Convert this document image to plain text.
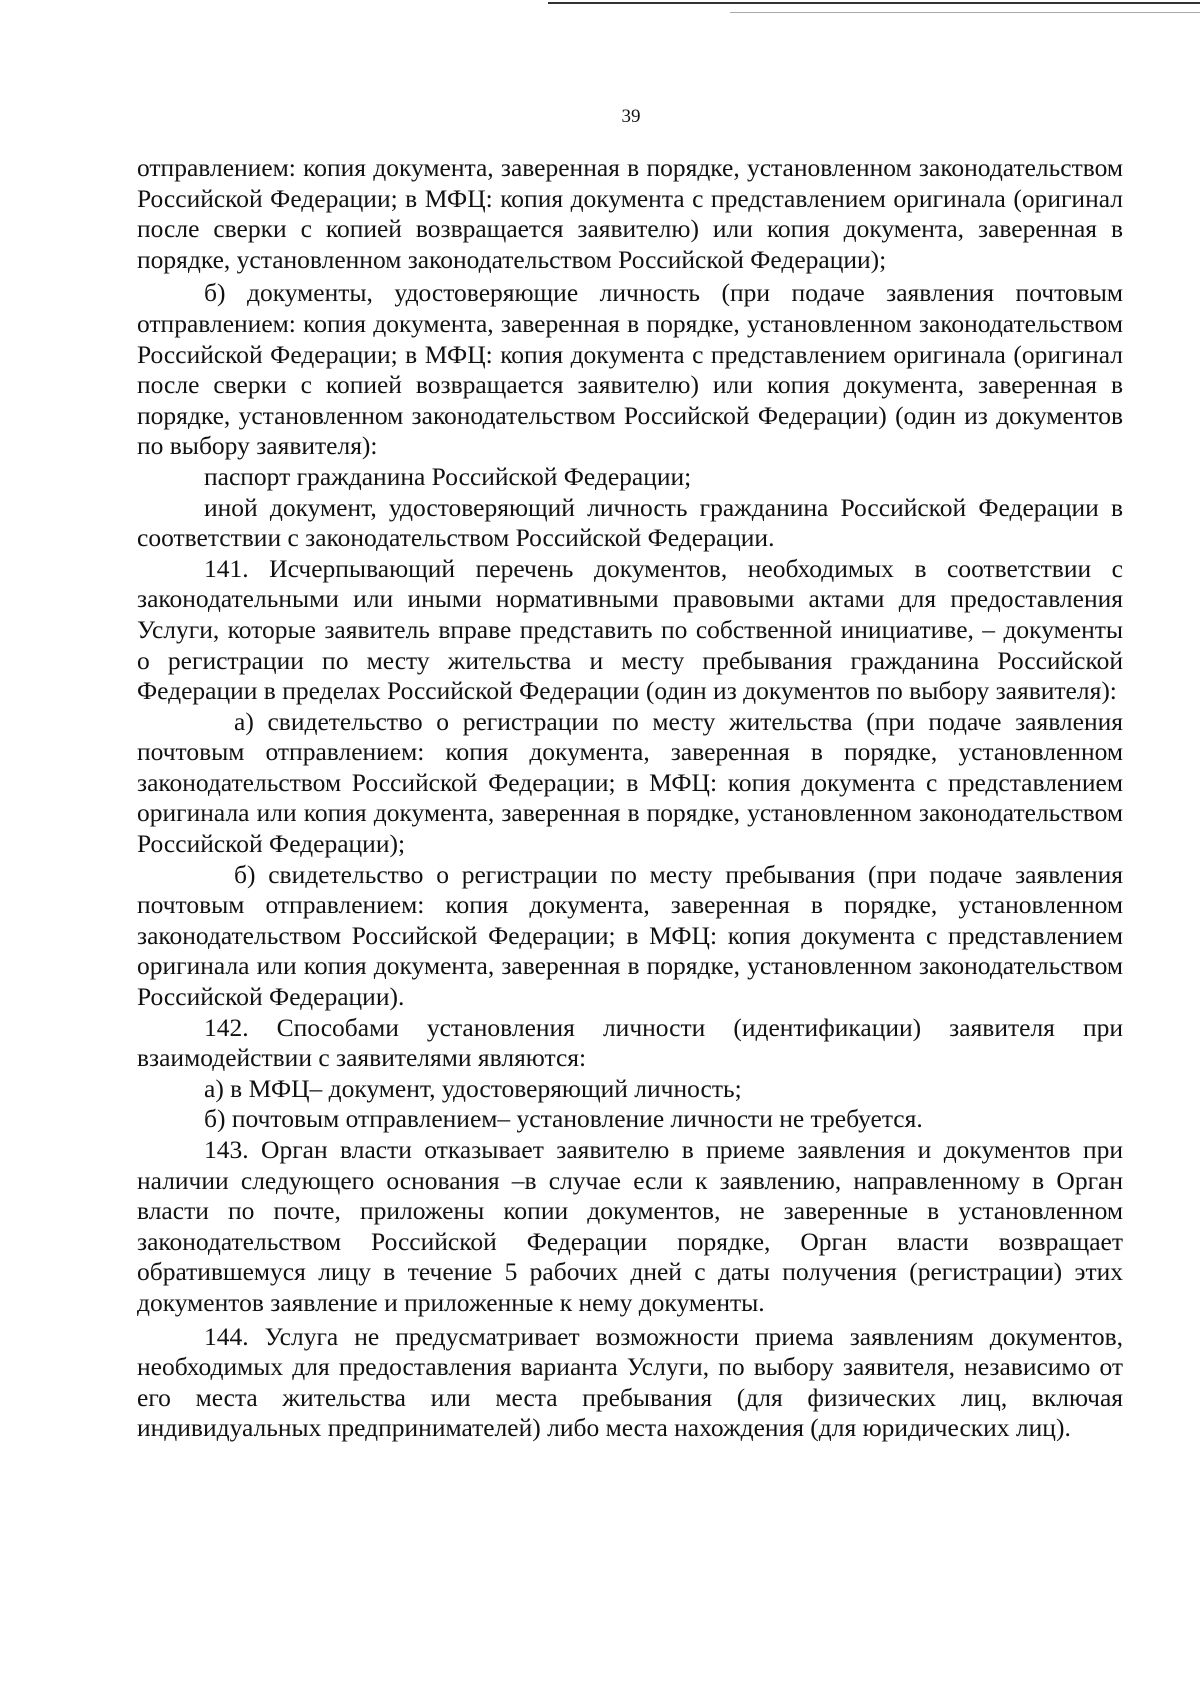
39

отправлением: копия документа, заверенная в порядке, установленном законодательством Российской Федерации; в МФЦ: копия документа с представлением оригинала (оригинал после сверки с копией возвращается заявителю) или копия документа, заверенная в порядке, установленном законодательством Российской Федерации);

б) документы, удостоверяющие личность (при подаче заявления почтовым отправлением: копия документа, заверенная в порядке, установленном законодательством Российской Федерации; в МФЦ: копия документа с представлением оригинала (оригинал после сверки с копией возвращается заявителю) или копия документа, заверенная в порядке, установленном законодательством Российской Федерации) (один из документов по выбору заявителя):

паспорт гражданина Российской Федерации;

иной документ, удостоверяющий личность гражданина Российской Федерации в соответствии с законодательством Российской Федерации.

141. Исчерпывающий перечень документов, необходимых в соответствии с законодательными или иными нормативными правовыми актами для предоставления Услуги, которые заявитель вправе представить по собственной инициативе, – документы о регистрации по месту жительства и месту пребывания гражданина Российской Федерации в пределах Российской Федерации (один из документов по выбору заявителя):

а) свидетельство о регистрации по месту жительства (при подаче заявления почтовым отправлением: копия документа, заверенная в порядке, установленном законодательством Российской Федерации; в МФЦ: копия документа с представлением оригинала или копия документа, заверенная в порядке, установленном законодательством Российской Федерации);

б) свидетельство о регистрации по месту пребывания (при подаче заявления почтовым отправлением: копия документа, заверенная в порядке, установленном законодательством Российской Федерации; в МФЦ: копия документа с представлением оригинала или копия документа, заверенная в порядке, установленном законодательством Российской Федерации).

142. Способами установления личности (идентификации) заявителя при взаимодействии с заявителями являются:

а) в МФЦ– документ, удостоверяющий личность;

б) почтовым отправлением– установление личности не требуется.

143. Орган власти отказывает заявителю в приеме заявления и документов при наличии следующего основания –в случае если к заявлению, направленному в Орган власти по почте, приложены копии документов, не заверенные в установленном законодательством Российской Федерации порядке, Орган власти возвращает обратившемуся лицу в течение 5 рабочих дней с даты получения (регистрации) этих документов заявление и приложенные к нему документы.

144. Услуга не предусматривает возможности приема заявлениям документов, необходимых для предоставления варианта Услуги, по выбору заявителя, независимо от его места жительства или места пребывания (для физических лиц, включая индивидуальных предпринимателей) либо места нахождения (для юридических лиц).
